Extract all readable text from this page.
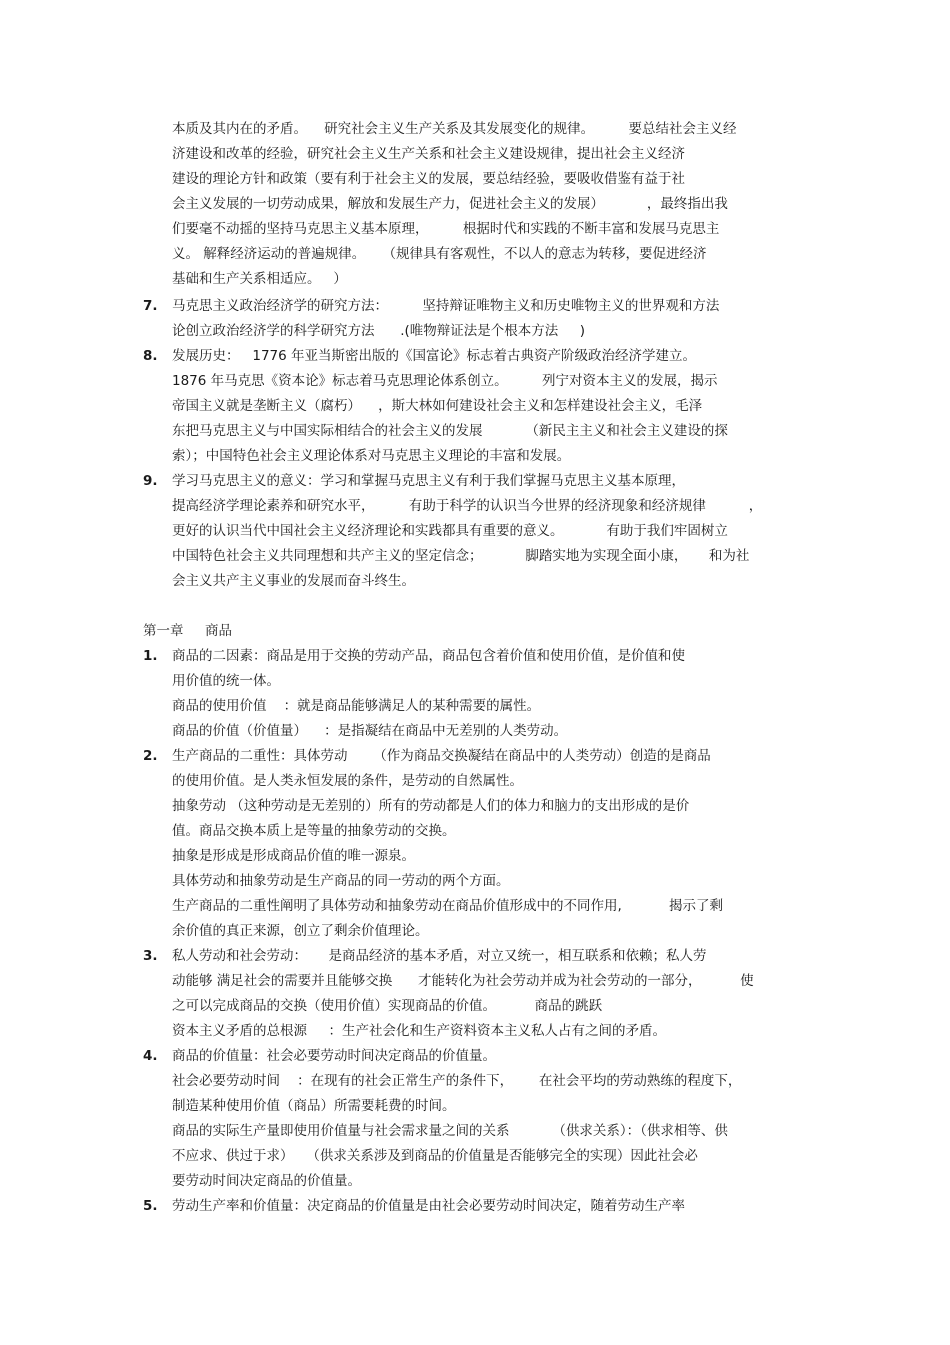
本质及其内在的矛盾。    研究社会主义生产关系及其发展变化的规律。        要总结社会主义经
济建设和改革的经验，研究社会主义生产关系和社会主义建设规律，提出社会主义经济
建设的理论方针和政策（要有利于社会主义的发展，要总结经验，要吸收借鉴有益于社
会主义发展的一切劳动成果，解放和发展生产力，促进社会主义的发展）          ，最终指出我
们要毫不动摇的坚持马克思主义基本原理，        根据时代和实践的不断丰富和发展马克思主
义。 解释经济运动的普遍规律。    （规律具有客观性，不以人的意志为转移，要促进经济
基础和生产关系相适应。   ）
7.	马克思主义政治经济学的研究方法：        坚持辩证唯物主义和历史唯物主义的世界观和方法
论创立政治经济学的科学研究方法      .(唯物辩证法是个根本方法     )
8.	发展历史：   1776 年亚当斯密出版的《国富论》标志着古典资产阶级政治经济学建立。
1876 年马克思《资本论》标志着马克思理论体系创立。        列宁对资本主义的发展，揭示
帝国主义就是垄断主义（腐朽）    ，斯大林如何建设社会主义和怎样建设社会主义，毛泽
东把马克思主义与中国实际相结合的社会主义的发展          （新民主主义和社会主义建设的探
索）；中国特色社会主义理论体系对马克思主义理论的丰富和发展。
9.	学习马克思主义的意义：学习和掌握马克思主义有利于我们掌握马克思主义基本原理，
提高经济学理论素养和研究水平，        有助于科学的认识当今世界的经济现象和经济规律          ，
更好的认识当代中国社会主义经济理论和实践都具有重要的意义。          有助于我们牢固树立
中国特色社会主义共同理想和共产主义的坚定信念；          脚踏实地为实现全面小康，     和为社
会主义共产主义事业的发展而奋斗终生。
第一章     商品
1.	商品的二因素：商品是用于交换的劳动产品，商品包含着价值和使用价值，是价值和使
用价值的统一体。
商品的使用价值    ：就是商品能够满足人的某种需要的属性。
商品的价值（价值量）    ：是指凝结在商品中无差别的人类劳动。
2.	生产商品的二重性：具体劳动      （作为商品交换凝结在商品中的人类劳动）创造的是商品
的使用价值。是人类永恒发展的条件，是劳动的自然属性。
抽象劳动 （这种劳动是无差别的）所有的劳动都是人们的体力和脑力的支出形成的是价
值。商品交换本质上是等量的抽象劳动的交换。
抽象是形成是形成商品价值的唯一源泉。
具体劳动和抽象劳动是生产商品的同一劳动的两个方面。
生产商品的二重性阐明了具体劳动和抽象劳动在商品价值形成中的不同作用,           揭示了剩
余价值的真正来源，创立了剩余价值理论。
3.	私人劳动和社会劳动：     是商品经济的基本矛盾，对立又统一，相互联系和依赖；私人劳
动能够 满足社会的需要并且能够交换      才能转化为社会劳动并成为社会劳动的一部分，         使
之可以完成商品的交换（使用价值）实现商品的价值。         商品的跳跃
资本主义矛盾的总根源     ：生产社会化和生产资料资本主义私人占有之间的矛盾。
4.	商品的价值量：社会必要劳动时间决定商品的价值量。
社会必要劳动时间    ：在现有的社会正常生产的条件下，      在社会平均的劳动熟练的程度下，
制造某种使用价值（商品）所需要耗费的时间。
商品的实际生产量即使用价值量与社会需求量之间的关系          （供求关系）：（供求相等、供
不应求、供过于求）   （供求关系涉及到商品的价值量是否能够完全的实现）因此社会必
要劳动时间决定商品的价值量。
5.	劳动生产率和价值量：决定商品的价值量是由社会必要劳动时间决定，随着劳动生产率
